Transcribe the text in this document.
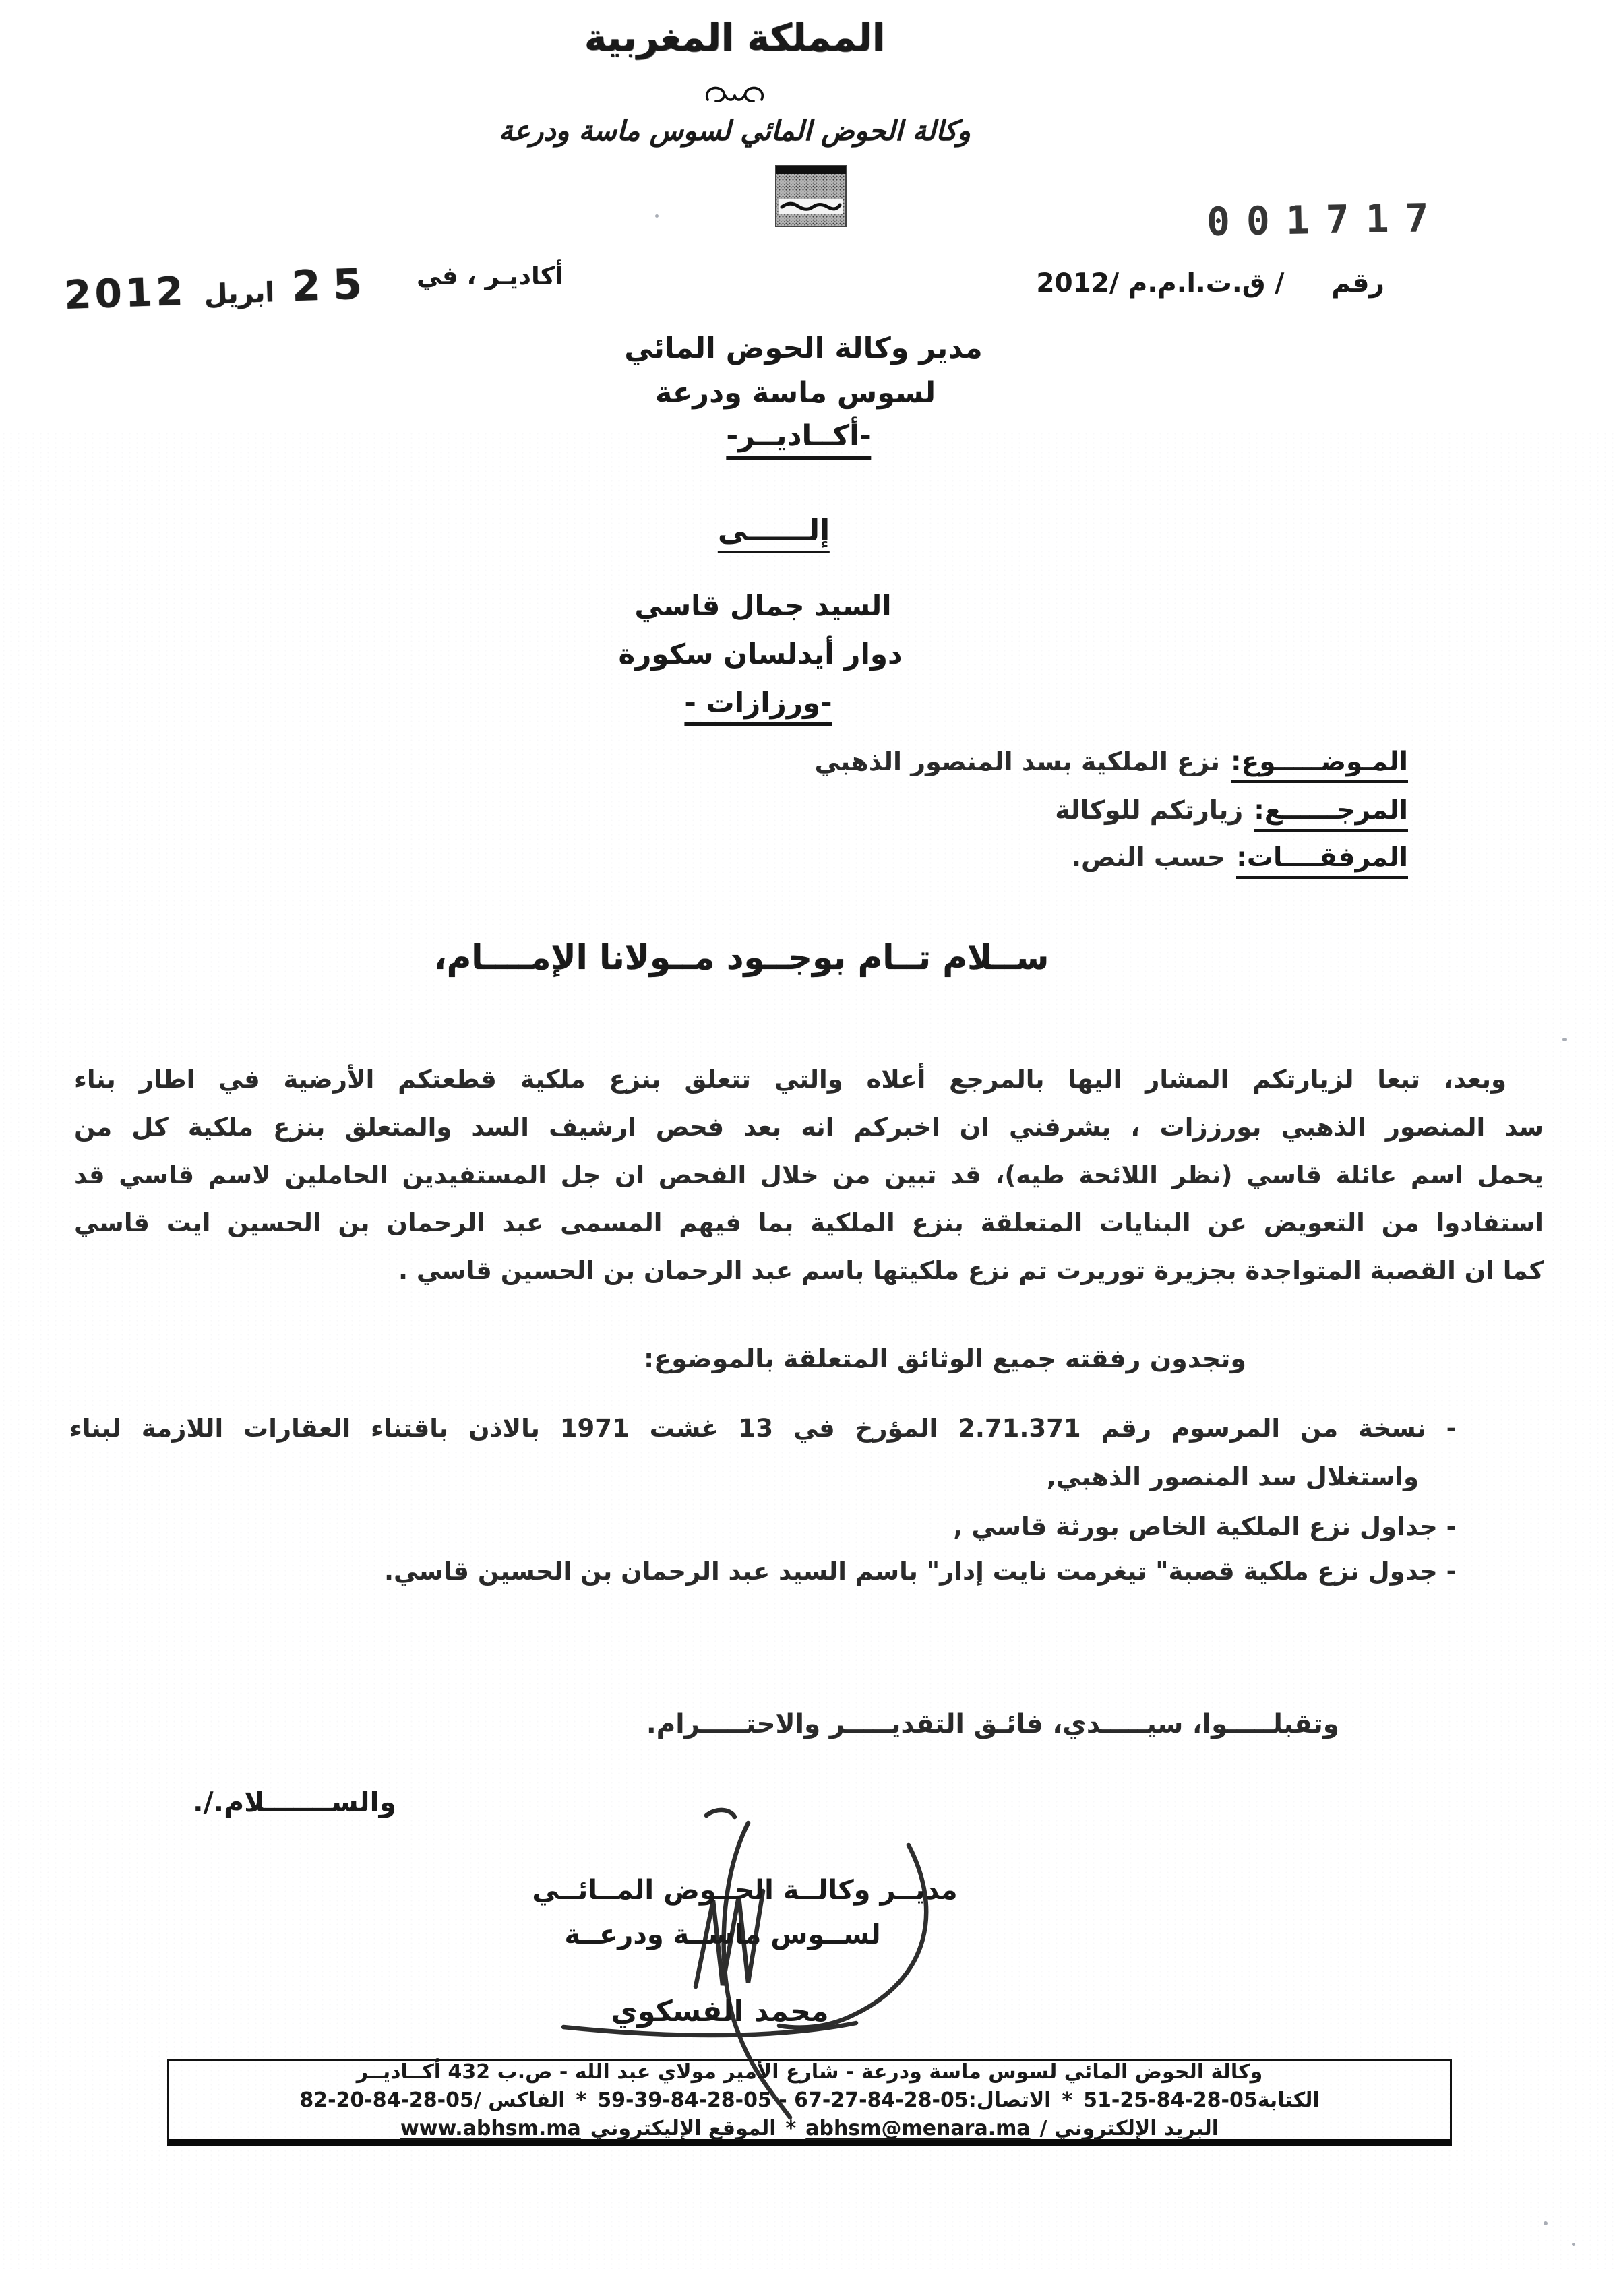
المملكة المغربية
وكالة الحوض المائي لسوس ماسة ودرعة
001717
رقم
/ ق.ت.ا.م.م /2012
أكاديـر ، في
25
ابريل
2012
مدير وكالة الحوض المائي
لسوس ماسة ودرعة
-أكــاديــر-
إلــــــى
السيد جمال قاسي
دوار أيدلسان سكورة
-ورزازات -
المـوضـــــوع:
نزع الملكية بسد المنصور الذهبي
المرجــــــع:
زيارتكم للوكالة
المرفقــــات:
حسب النص.
ســلام تــام بوجــود مــولانا الإمــــام،
وبعد، تبعا لزيارتكم المشار اليها بالمرجع أعلاه والتي تتعلق بنزع ملكية قطعتكم الأرضية في اطار بناء
سد المنصور الذهبي بورززات ، يشرفني ان اخبركم انه بعد فحص ارشيف السد والمتعلق بنزع ملكية كل من
يحمل اسم عائلة قاسي (نظر اللائحة طيه)، قد تبين من خلال الفحص ان جل المستفيدين الحاملين لاسم قاسي قد
استفادوا من التعويض عن البنايات المتعلقة بنزع الملكية بما فيهم المسمى عبد الرحمان بن الحسين ايت قاسي
كما ان القصبة المتواجدة بجزيرة توريرت تم نزع ملكيتها باسم عبد الرحمان بن الحسين قاسي .
وتجدون رفقته جميع الوثائق المتعلقة بالموضوع:
- نسخة من المرسوم رقم 2.71.371 المؤرخ في 13 غشت 1971 بالاذن باقتناء العقارات اللازمة لبناء
واستغلال سد المنصور الذهبي,
- جداول نزع الملكية الخاص بورثة قاسي ,
- جدول نزع ملكية قصبة" تيغرمت نايت إدار" باسم السيد عبد الرحمان بن الحسين قاسي.
وتقبلـــــوا، سيـــــدي، فائـق التقديـــــر والاحتـــــرام.
والســـــــلام./.
مديــر وكالــة الحــوض المــائــي
لســوس ماســة ودرعــة
محمد الفسكوي
وكالة الحوض المائي لسوس ماسة ودرعة - شارع الأمير مولاي عبد الله - ص.ب 432 أكــاديــر
الكتابة05-28-84-25-51
*
الاتصال:05-28-84-27-67 - 05-28-84-39-59
*
الفاكس /05-28-84-20-82
البريد الإلكتروني /
abhsm@menara.ma
*
الموقع الإليكتروني
www.abhsm.ma
